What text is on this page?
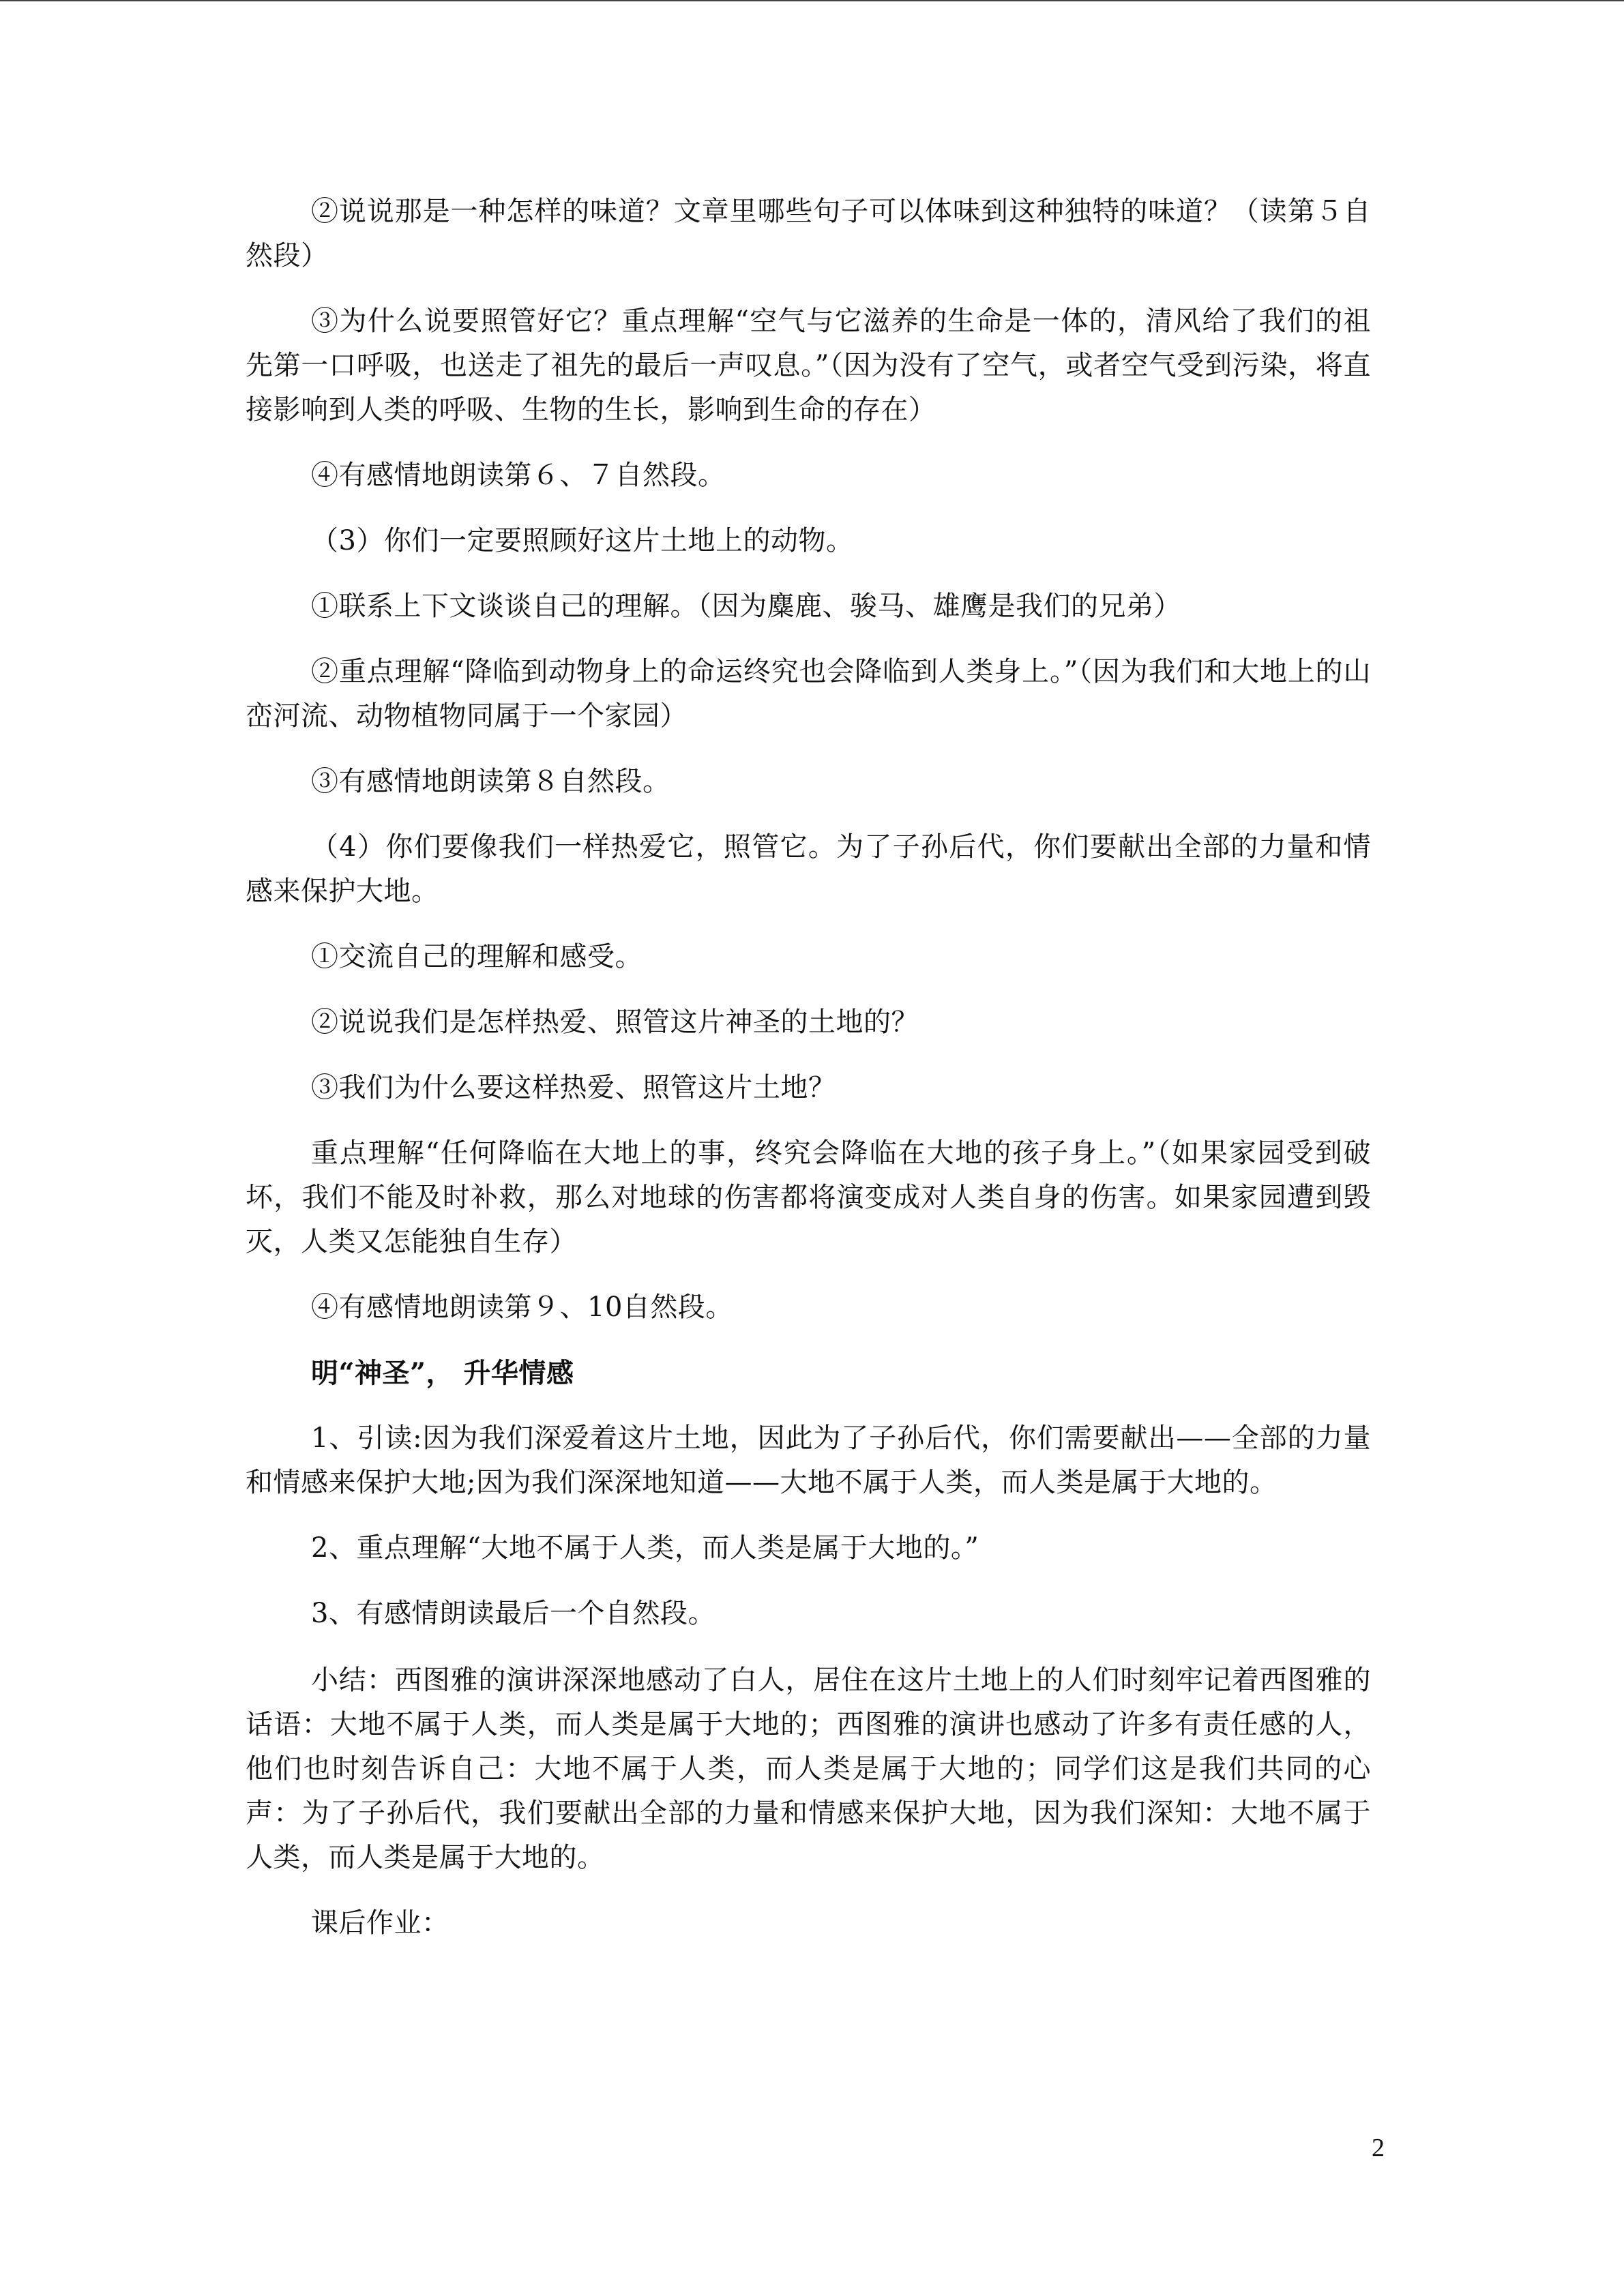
②说说那是一种怎样的味道？文章里哪些句子可以体味到这种独特的味道？（读第５自然段）

③为什么说要照管好它？重点理解“空气与它滋养的生命是一体的，清风给了我们的祖先第一口呼吸，也送走了祖先的最后一声叹息。”（因为没有了空气，或者空气受到污染，将直接影响到人类的呼吸、生物的生长，影响到生命的存在）

④有感情地朗读第６、７自然段。

（3）你们一定要照顾好这片土地上的动物。

①联系上下文谈谈自己的理解。（因为麋鹿、骏马、雄鹰是我们的兄弟）

②重点理解“降临到动物身上的命运终究也会降临到人类身上。”（因为我们和大地上的山峦河流、动物植物同属于一个家园）

③有感情地朗读第８自然段。

（4）你们要像我们一样热爱它，照管它。为了子孙后代，你们要献出全部的力量和情感来保护大地。

①交流自己的理解和感受。

②说说我们是怎样热爱、照管这片神圣的土地的？

③我们为什么要这样热爱、照管这片土地？

重点理解“任何降临在大地上的事，终究会降临在大地的孩子身上。”（如果家园受到破坏，我们不能及时补救，那么对地球的伤害都将演变成对人类自身的伤害。如果家园遭到毁灭，人类又怎能独自生存）

④有感情地朗读第９、10自然段。

明“神圣”， 升华情感

1、引读:因为我们深爱着这片土地，因此为了子孙后代，你们需要献出——全部的力量和情感来保护大地;因为我们深深地知道——大地不属于人类，而人类是属于大地的。

2、重点理解“大地不属于人类，而人类是属于大地的。”

3、有感情朗读最后一个自然段。

小结：西图雅的演讲深深地感动了白人，居住在这片土地上的人们时刻牢记着西图雅的话语：大地不属于人类，而人类是属于大地的；西图雅的演讲也感动了许多有责任感的人，他们也时刻告诉自己：大地不属于人类，而人类是属于大地的；同学们这是我们共同的心声：为了子孙后代，我们要献出全部的力量和情感来保护大地，因为我们深知：大地不属于人类，而人类是属于大地的。

课后作业：

2
